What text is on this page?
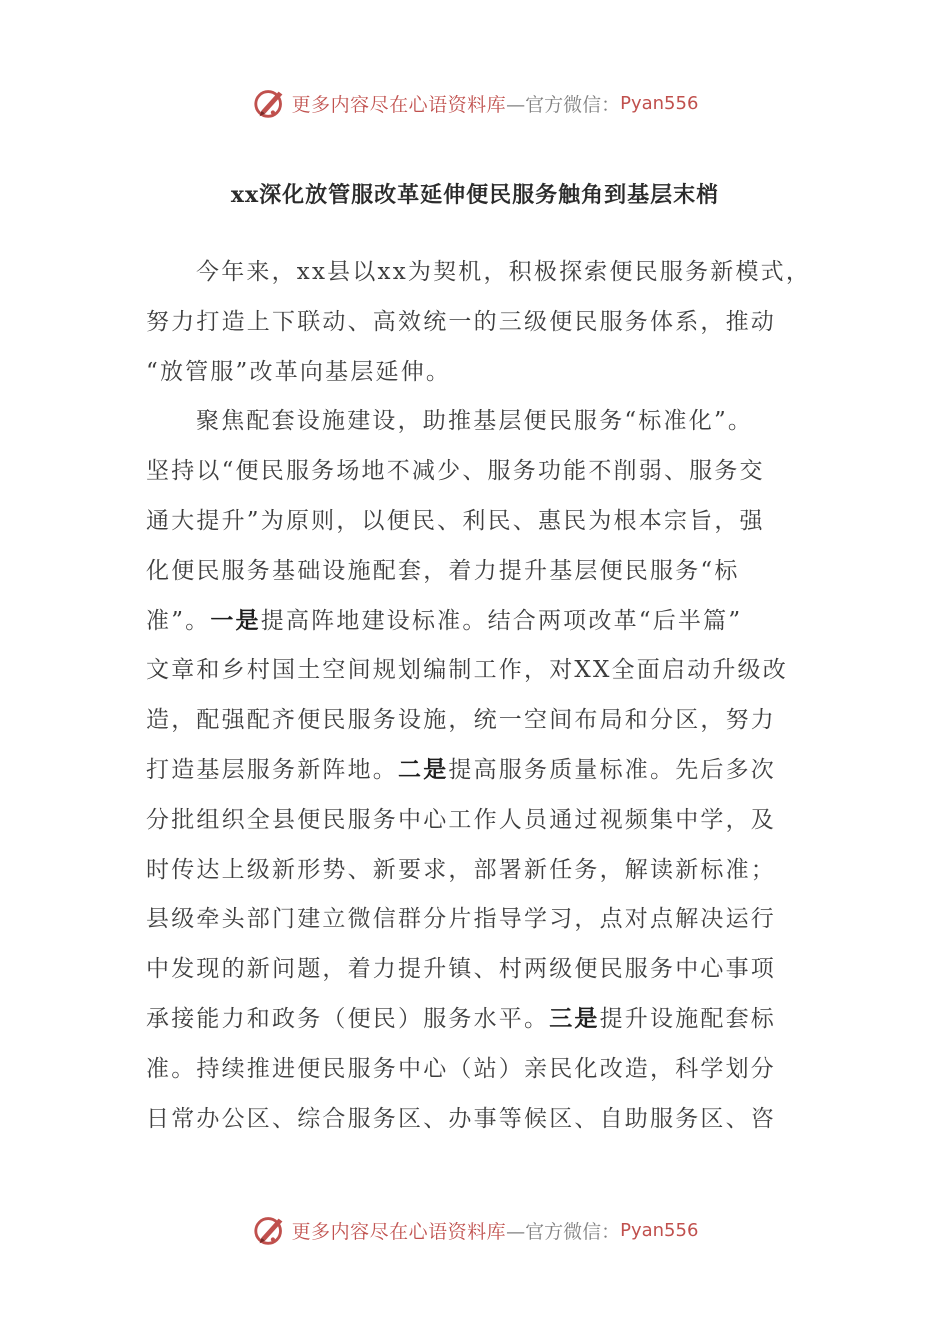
更多内容尽在心语资料库 —官方微信： Pyan556
xx深化放管服改革延伸便民服务触角到基层末梢
今年来，xx县以xx为契机，积极探索便民服务新模式，
努力打造上下联动、高效统一的三级便民服务体系，推动
“放管服”改革向基层延伸。
聚焦配套设施建设，助推基层便民服务“标准化”。
坚持以“便民服务场地不减少、服务功能不削弱、服务交
通大提升”为原则，以便民、利民、惠民为根本宗旨，强
化便民服务基础设施配套，着力提升基层便民服务“标
准”。一是提高阵地建设标准。结合两项改革“后半篇”
文章和乡村国土空间规划编制工作，对XX全面启动升级改
造，配强配齐便民服务设施，统一空间布局和分区，努力
打造基层服务新阵地。二是提高服务质量标准。先后多次
分批组织全县便民服务中心工作人员通过视频集中学，及
时传达上级新形势、新要求，部署新任务，解读新标准；
县级牵头部门建立微信群分片指导学习，点对点解决运行
中发现的新问题，着力提升镇、村两级便民服务中心事项
承接能力和政务（便民）服务水平。三是提升设施配套标
准。持续推进便民服务中心（站）亲民化改造，科学划分
日常办公区、综合服务区、办事等候区、自助服务区、咨
更多内容尽在心语资料库 —官方微信： Pyan556
